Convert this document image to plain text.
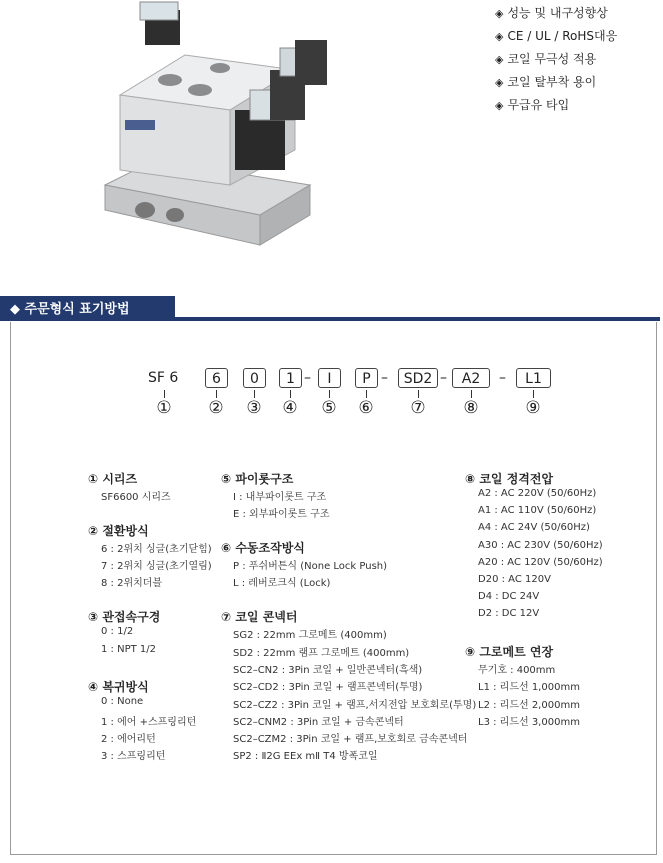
◈ 성능 및 내구성향상
◈ CE / UL / RoHS대응
◈ 코일 무극성 적용
◈ 코일 탈부착 용이
◈ 무급유 타입
◆ 주문형식 표기방법
SF 6	6	0	1 –	I	P –	SD2 –	A2	–	L1
① ② ③ ④ ⑤ ⑥ ⑦ ⑧	⑨
① 시리즈
SF6600 시리즈
② 절환방식
6 : 2위치 싱글(초기닫힘)
7 : 2위치 싱글(초기열림)
8 : 2위치더블
③ 관접속구경
0 : 1/2
1 : NPT 1/2
④ 복귀방식
0 : None
1 : 에어 +스프링리턴
2 : 에어리턴
3 : 스프링리턴
⑤ 파이롯구조
I : 내부파이롯트 구조
E : 외부파이롯트 구조
⑥ 수동조작방식
P : 푸쉬버튼식 (None Lock Push)
L : 레버로크식 (Lock)
⑦ 코일 콘넥터
SG2 : 22mm 그로메트 (400mm)
SD2 : 22mm 램프 그로메트 (400mm)
SC2–CN2 : 3Pin 코일 + 일반콘넥터(흑색)
SC2–CD2 : 3Pin 코일 + 램프콘넥터(투명)
SC2–CZ2 : 3Pin 코일 + 램프,서지전압 보호회로(투명)
SC2–CNM2 : 3Pin 코일 + 금속콘넥터
SC2–CZM2 : 3Pin 코일 + 램프,보호회로 금속콘넥터
SP2 : Ⅱ2G EEx mⅡ T4 방폭코일
⑧ 코일 정격전압
A2 : AC 220V (50/60Hz)
A1 : AC 110V (50/60Hz)
A4 : AC 24V (50/60Hz)
A30 : AC 230V (50/60Hz)
A20 : AC 120V (50/60Hz)
D20 : AC 120V
D4 : DC 24V
D2 : DC 12V
⑨ 그로메트 연장
무기호 : 400mm
L1 : 리드선 1,000mm
L2 : 리드선 2,000mm
L3 : 리드선 3,000mm
